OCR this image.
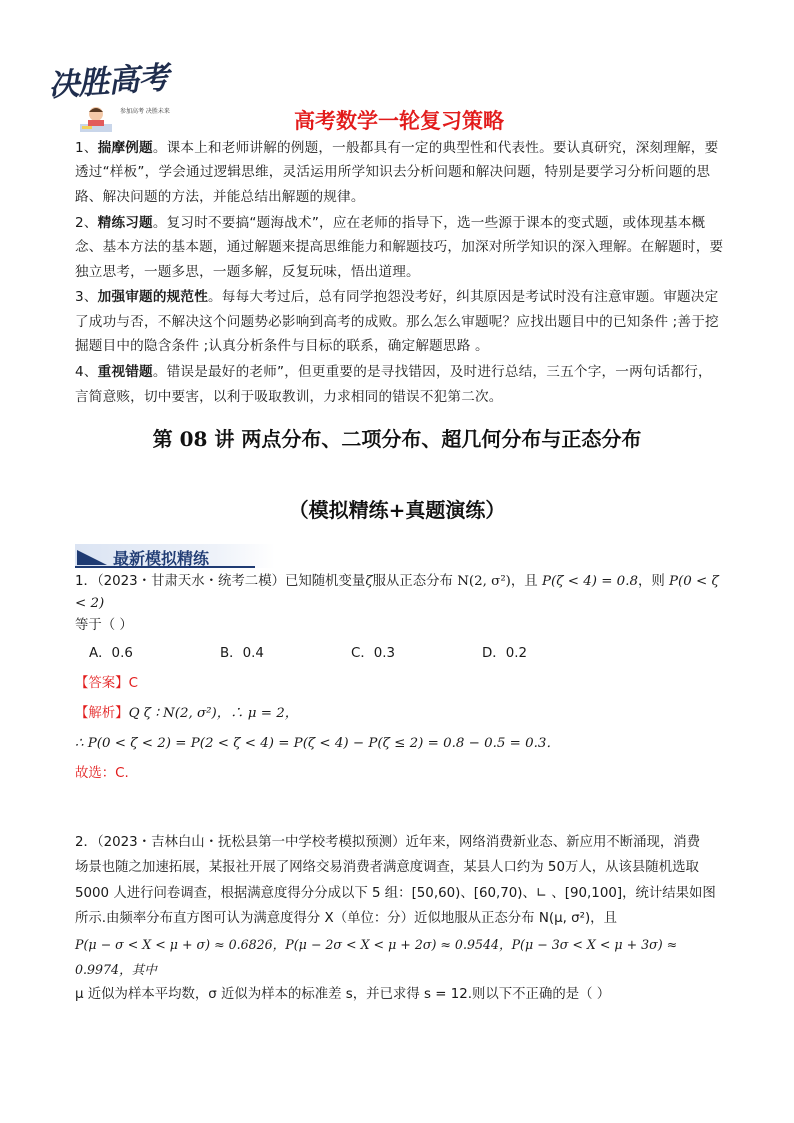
决胜高考
参加高考 决胜未来	高考数学一轮复习策略

1、揣摩例题。课本上和老师讲解的例题，一般都具有一定的典型性和代表性。要认真研究，深刻理解，要透过“样板”，学会通过逻辑思维，灵活运用所学知识去分析问题和解决问题，特别是要学习分析问题的思路、解决问题的方法，并能总结出解题的规律。

2、精练习题。复习时不要搞“题海战术”，应在老师的指导下，选一些源于课本的变式题，或体现基本概念、基本方法的基本题，通过解题来提高思维能力和解题技巧，加深对所学知识的深入理解。在解题时，要独立思考，一题多思，一题多解，反复玩味，悟出道理。

3、加强审题的规范性。每每大考过后，总有同学抱怨没考好，纠其原因是考试时没有注意审题。审题决定了成功与否，不解决这个问题势必影响到高考的成败。那么怎么审题呢？应找出题目中的已知条件 ;善于挖掘题目中的隐含条件 ;认真分析条件与目标的联系，确定解题思路 。

4、重视错题。错误是最好的老师”，但更重要的是寻找错因，及时进行总结，三五个字，一两句话都行，言简意赅，切中要害，以利于吸取教训，力求相同的错误不犯第二次。

第 08 讲 两点分布、二项分布、超几何分布与正态分布
（模拟精练+真题演练）
最新模拟精练
1．（2023・甘肃天水・统考二模）已知随机变量ζ服从正态分布 N(2, σ²)，且 P(ζ < 4) = 0.8，则 P(0 < ζ < 2)
等于（ ）
A．0.6	B．0.4	C．0.3	D．0.2
【答案】C
【解析】Q ζ ∶ N(2, σ²)，∴ μ = 2，
∴ P(0 < ζ < 2) = P(2 < ζ < 4) = P(ζ < 4) − P(ζ ≤ 2) = 0.8 − 0.5 = 0.3．
故选：C.

2．（2023・吉林白山・抚松县第一中学校考模拟预测）近年来，网络消费新业态、新应用不断涌现，消费

场景也随之加速拓展，某报社开展了网络交易消费者满意度调查，某县人口约为 50万人，从该县随机选取

5000 人进行问卷调查，根据满意度得分分成以下 5 组：[50,60)、[60,70)、∟ 、[90,100]，统计结果如图

所示.由频率分布直方图可认为满意度得分 X（单位：分）近似地服从正态分布 N(μ, σ²)，且

P(μ − σ < X < μ + σ) ≈ 0.6826，P(μ − 2σ < X < μ + 2σ) ≈ 0.9544，P(μ − 3σ < X < μ + 3σ) ≈ 0.9974，其中

μ 近似为样本平均数，σ 近似为样本的标准差 s，并已求得 s = 12.则以下不正确的是（ ）
